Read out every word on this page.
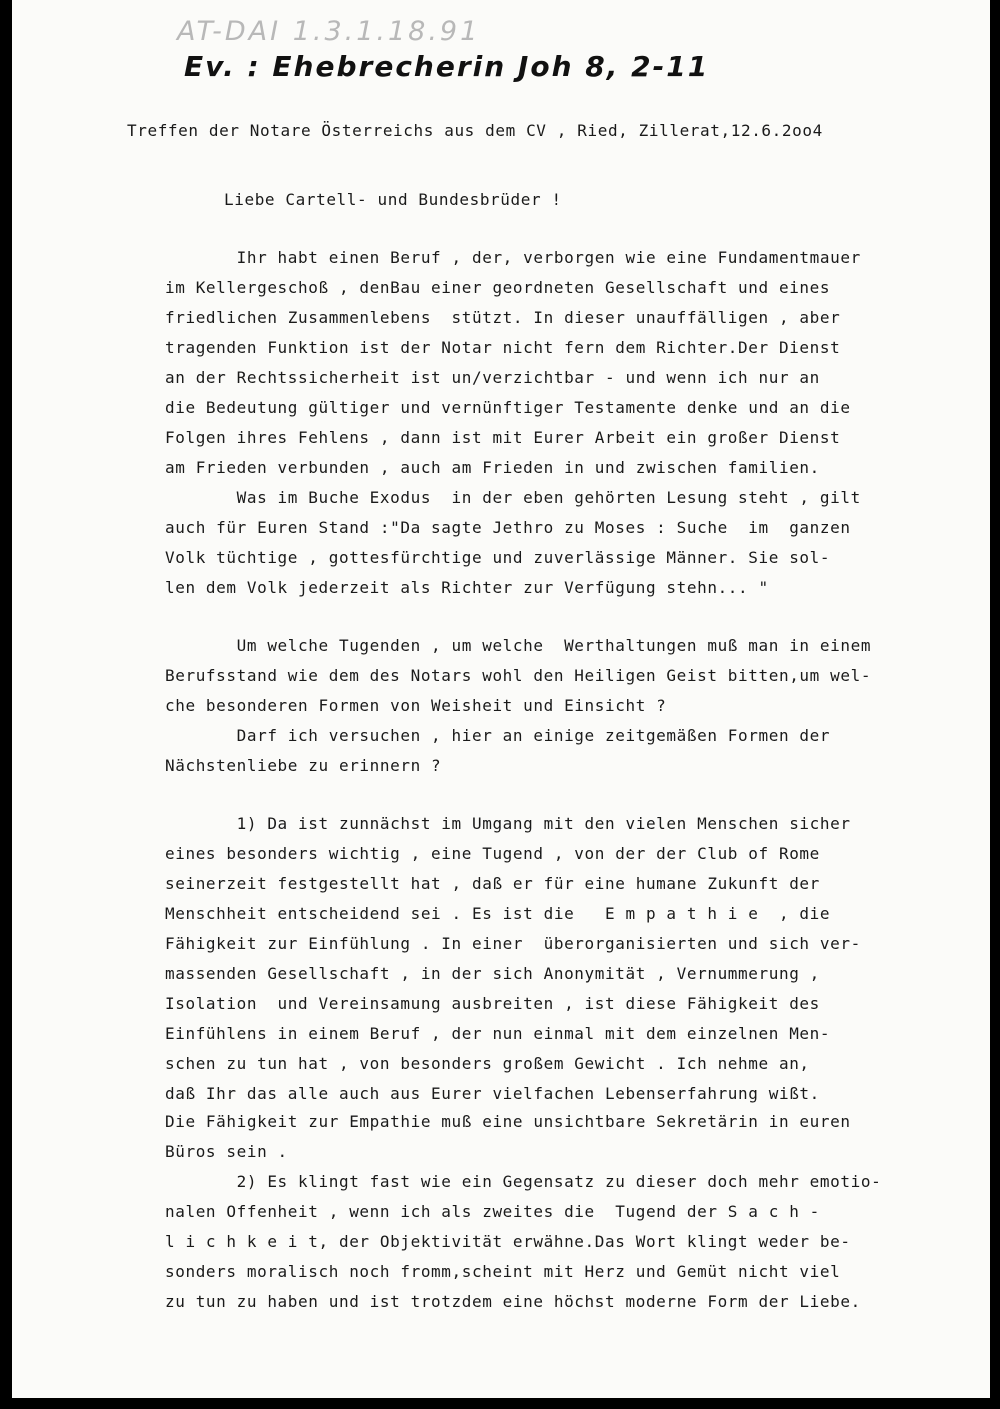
AT-DAI 1.3.1.18.91
Ev. : Ehebrecherin Joh 8, 2-11
Treffen der Notare Österreichs aus dem CV , Ried, Zillerat,12.6.2oo4
Liebe Cartell- und Bundesbrüder !
Ihr habt einen Beruf , der, verborgen wie eine Fundamentmauer
im Kellergeschoß , denBau einer geordneten Gesellschaft und eines
friedlichen Zusammenlebens  stützt. In dieser unauffälligen , aber
tragenden Funktion ist der Notar nicht fern dem Richter.Der Dienst
an der Rechtssicherheit ist un/verzichtbar - und wenn ich nur an
die Bedeutung gültiger und vernünftiger Testamente denke und an die
Folgen ihres Fehlens , dann ist mit Eurer Arbeit ein großer Dienst
am Frieden verbunden , auch am Frieden in und zwischen familien.
Was im Buche Exodus  in der eben gehörten Lesung steht , gilt
auch für Euren Stand :"Da sagte Jethro zu Moses : Suche  im  ganzen
Volk tüchtige , gottesfürchtige und zuverlässige Männer. Sie sol-
len dem Volk jederzeit als Richter zur Verfügung stehn... "
Um welche Tugenden , um welche  Werthaltungen muß man in einem
Berufsstand wie dem des Notars wohl den Heiligen Geist bitten,um wel-
che besonderen Formen von Weisheit und Einsicht ?
Darf ich versuchen , hier an einige zeitgemäßen Formen der
Nächstenliebe zu erinnern ?
1) Da ist zunnächst im Umgang mit den vielen Menschen sicher
eines besonders wichtig , eine Tugend , von der der Club of Rome
seinerzeit festgestellt hat , daß er für eine humane Zukunft der
Menschheit entscheidend sei . Es ist die   E m p a t h i e  , die
Fähigkeit zur Einfühlung . In einer  überorganisierten und sich ver-
massenden Gesellschaft , in der sich Anonymität , Vernummerung ,
Isolation  und Vereinsamung ausbreiten , ist diese Fähigkeit des
Einfühlens in einem Beruf , der nun einmal mit dem einzelnen Men-
schen zu tun hat , von besonders großem Gewicht . Ich nehme an,
daß Ihr das alle auch aus Eurer vielfachen Lebenserfahrung wißt.
Die Fähigkeit zur Empathie muß eine unsichtbare Sekretärin in euren
Büros sein .
2) Es klingt fast wie ein Gegensatz zu dieser doch mehr emotio-
nalen Offenheit , wenn ich als zweites die  Tugend der S a c h -
l i c h k e i t, der Objektivität erwähne.Das Wort klingt weder be-
sonders moralisch noch fromm,scheint mit Herz und Gemüt nicht viel
zu tun zu haben und ist trotzdem eine höchst moderne Form der Liebe.
